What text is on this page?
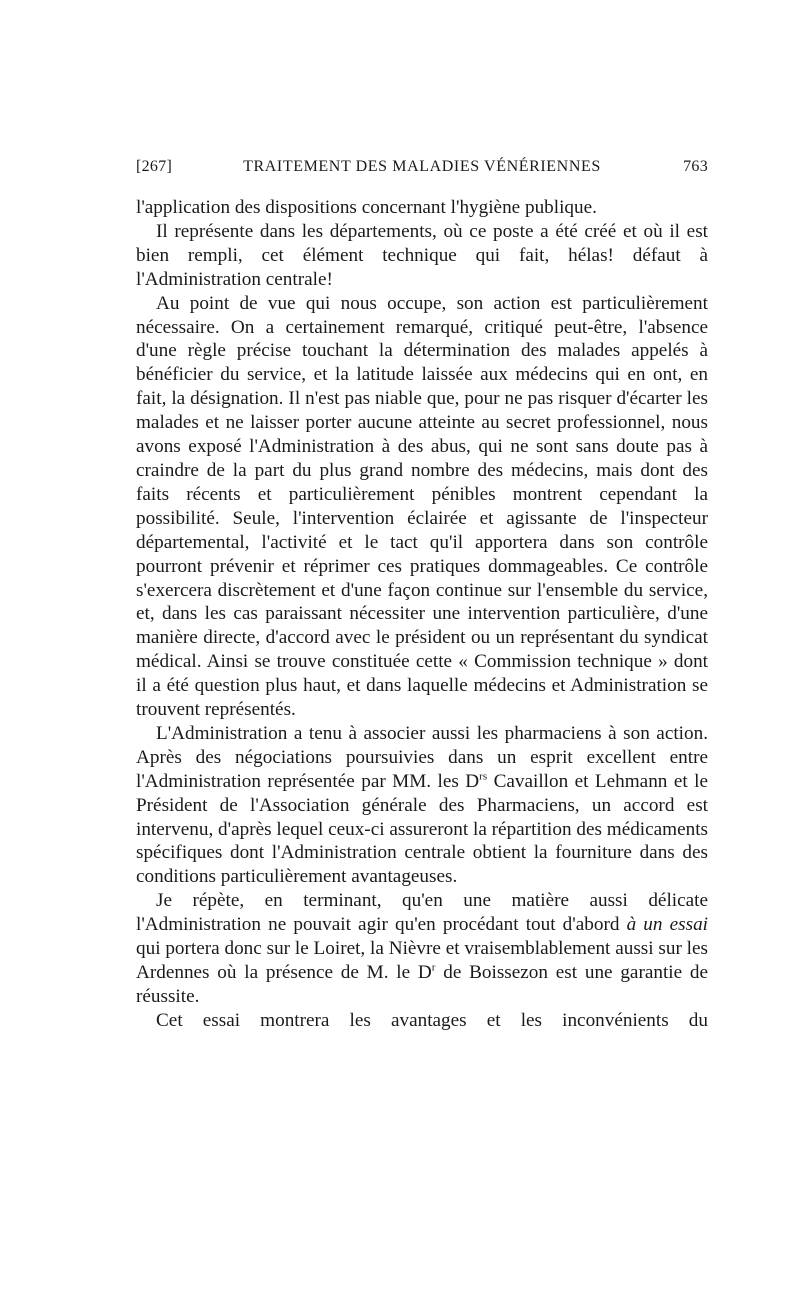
[267]	TRAITEMENT DES MALADIES VÉNÉRIENNES	763

l'application des dispositions concernant l'hygiène publique.

Il représente dans les départements, où ce poste a été créé et où il est bien rempli, cet élément technique qui fait, hélas! défaut à l'Administration centrale!

Au point de vue qui nous occupe, son action est particulièrement nécessaire. On a certainement remarqué, critiqué peut-être, l'absence d'une règle précise touchant la détermination des malades appelés à bénéficier du service, et la latitude laissée aux médecins qui en ont, en fait, la désignation. Il n'est pas niable que, pour ne pas risquer d'écarter les malades et ne laisser porter aucune atteinte au secret professionnel, nous avons exposé l'Administration à des abus, qui ne sont sans doute pas à craindre de la part du plus grand nombre des médecins, mais dont des faits récents et particulièrement pénibles montrent cependant la possibilité. Seule, l'intervention éclairée et agissante de l'inspecteur départemental, l'activité et le tact qu'il apportera dans son contrôle pourront prévenir et réprimer ces pratiques dommageables. Ce contrôle s'exercera discrètement et d'une façon continue sur l'ensemble du service, et, dans les cas paraissant nécessiter une intervention particulière, d'une manière directe, d'accord avec le président ou un représentant du syndicat médical. Ainsi se trouve constituée cette « Commission technique » dont il a été question plus haut, et dans laquelle médecins et Administration se trouvent représentés.

L'Administration a tenu à associer aussi les pharmaciens à son action. Après des négociations poursuivies dans un esprit excellent entre l'Administration représentée par MM. les $D^{rs}$ Cavaillon et Lehmann et le Président de l'Association générale des Pharmaciens, un accord est intervenu, d'après lequel ceux-ci assureront la répartition des médicaments spécifiques dont l'Administration centrale obtient la fourniture dans des conditions particulièrement avantageuses.

Je répète, en terminant, qu'en une matière aussi délicate l'Administration ne pouvait agir qu'en procédant tout d'abord à un essai qui portera donc sur le Loiret, la Nièvre et vraisemblablement aussi sur les Ardennes où la présence de M. le $D^r$ de Boissezon est une garantie de réussite.

Cet essai montrera les avantages et les inconvénients du
